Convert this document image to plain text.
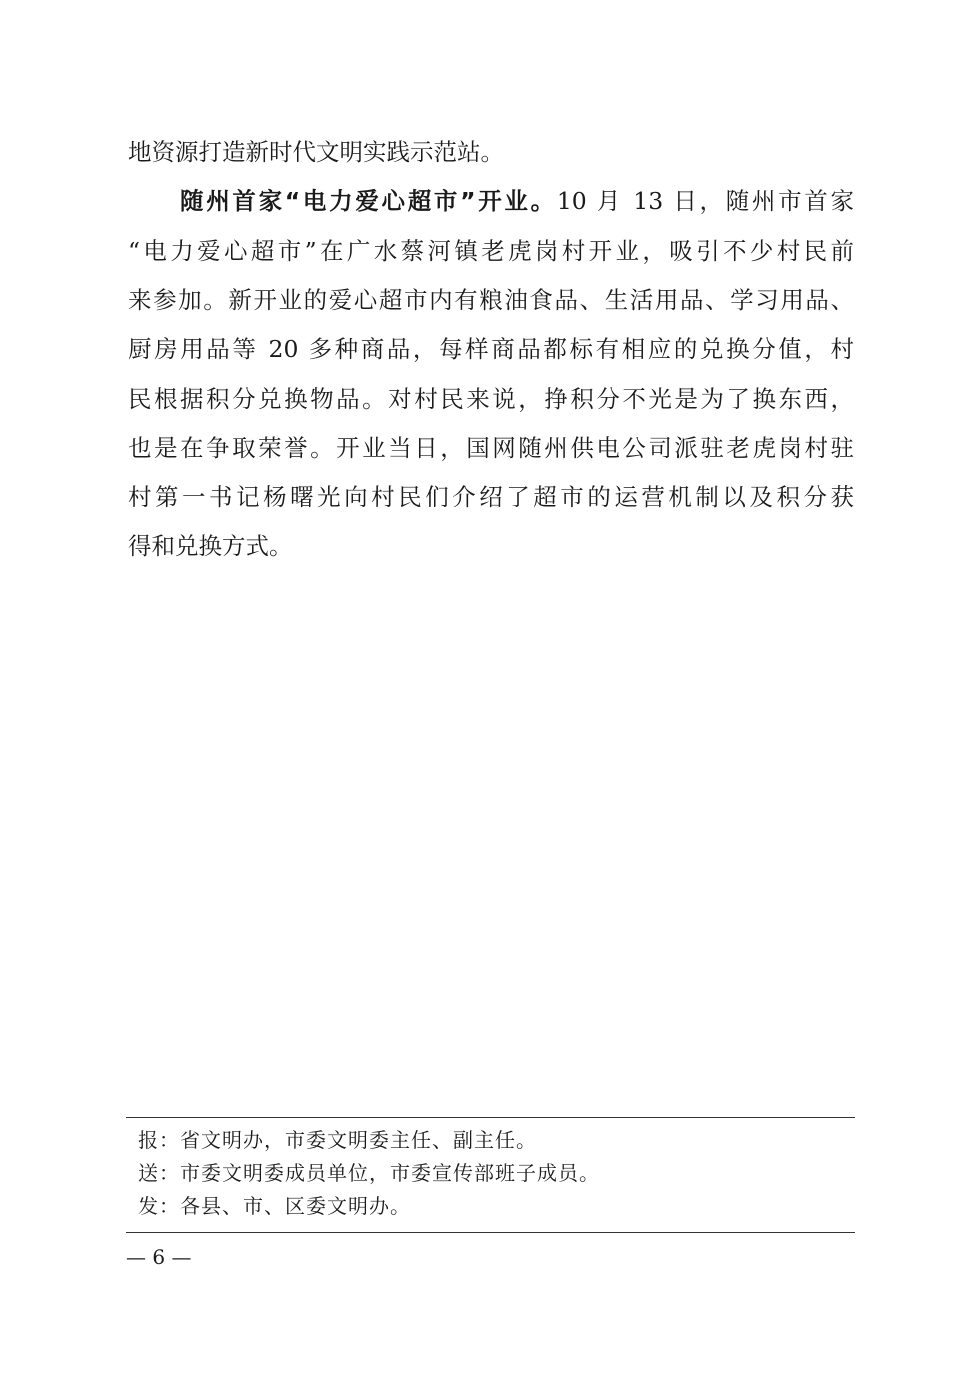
地资源打造新时代文明实践示范站。
随州首家“电力爱心超市”开业。10 月 13 日，随州市首家
“电力爱心超市”在广水蔡河镇老虎岗村开业，吸引不少村民前
来参加。新开业的爱心超市内有粮油食品、生活用品、学习用品、
厨房用品等 20 多种商品，每样商品都标有相应的兑换分值，村
民根据积分兑换物品。对村民来说，挣积分不光是为了换东西，
也是在争取荣誉。开业当日，国网随州供电公司派驻老虎岗村驻
村第一书记杨曙光向村民们介绍了超市的运营机制以及积分获
得和兑换方式。
报：省文明办，市委文明委主任、副主任。
送：市委文明委成员单位，市委宣传部班子成员。
发：各县、市、区委文明办。
— 6 —
